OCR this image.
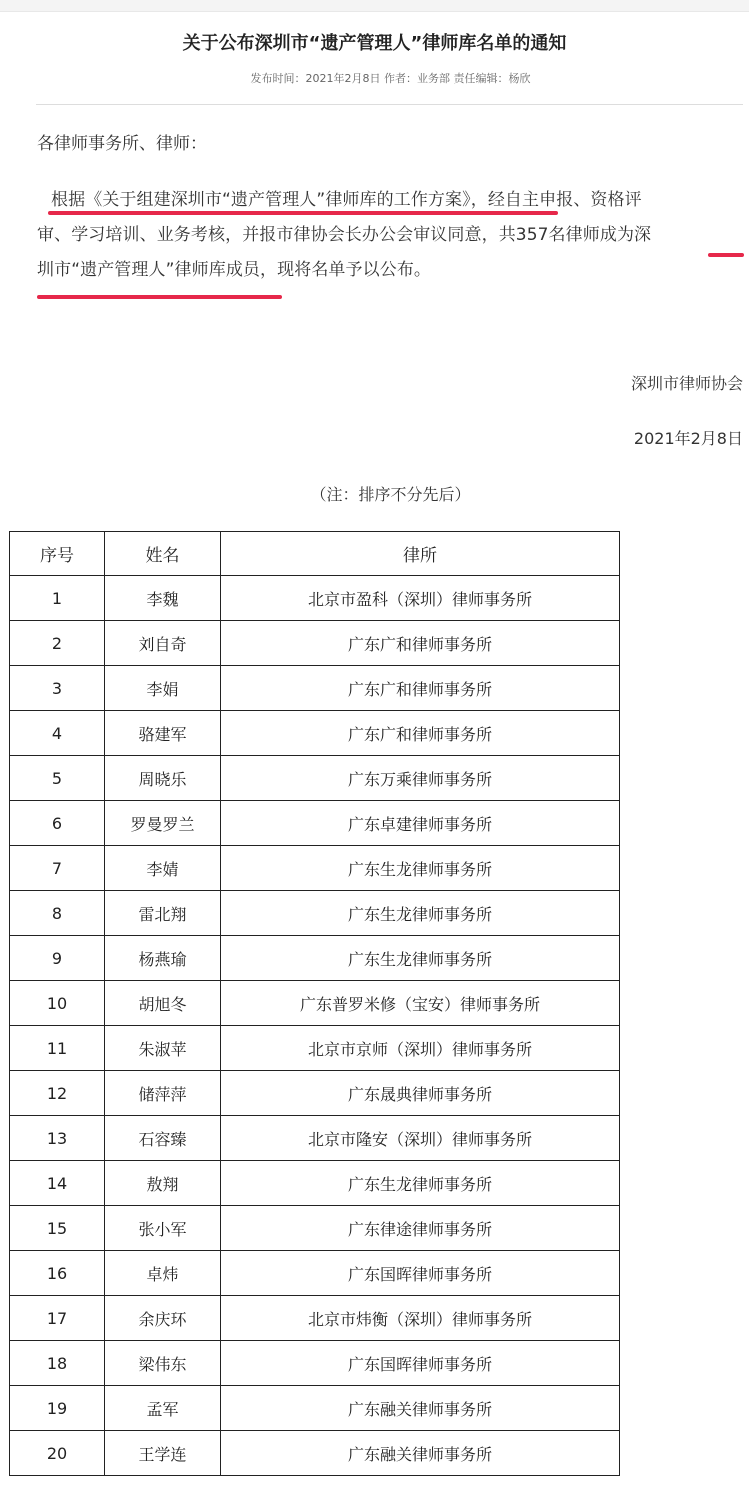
关于公布深圳市“遗产管理人”律师库名单的通知
发布时间：2021年2月8日 作者：业务部 责任编辑：杨欣
各律师事务所、律师：
根据《关于组建深圳市“遗产管理人”律师库的工作方案》，经自主申报、资格评
审、学习培训、业务考核，并报市律协会长办公会审议同意，共357名律师成为深
圳市“遗产管理人”律师库成员，现将名单予以公布。
深圳市律师协会
2021年2月8日
（注：排序不分先后）
序号	姓名	律所
1	李魏	北京市盈科（深圳）律师事务所
2	刘自奇	广东广和律师事务所
3	李娟	广东广和律师事务所
4	骆建军	广东广和律师事务所
5	周晓乐	广东万乘律师事务所
6	罗曼罗兰	广东卓建律师事务所
7	李婧	广东生龙律师事务所
8	雷北翔	广东生龙律师事务所
9	杨燕瑜	广东生龙律师事务所
10	胡旭冬	广东普罗米修（宝安）律师事务所
11	朱淑苹	北京市京师（深圳）律师事务所
12	储萍萍	广东晟典律师事务所
13	石容臻	北京市隆安（深圳）律师事务所
14	敖翔	广东生龙律师事务所
15	张小军	广东律途律师事务所
16	卓炜	广东国晖律师事务所
17	余庆环	北京市炜衡（深圳）律师事务所
18	梁伟东	广东国晖律师事务所
19	孟军	广东融关律师事务所
20	王学连	广东融关律师事务所
